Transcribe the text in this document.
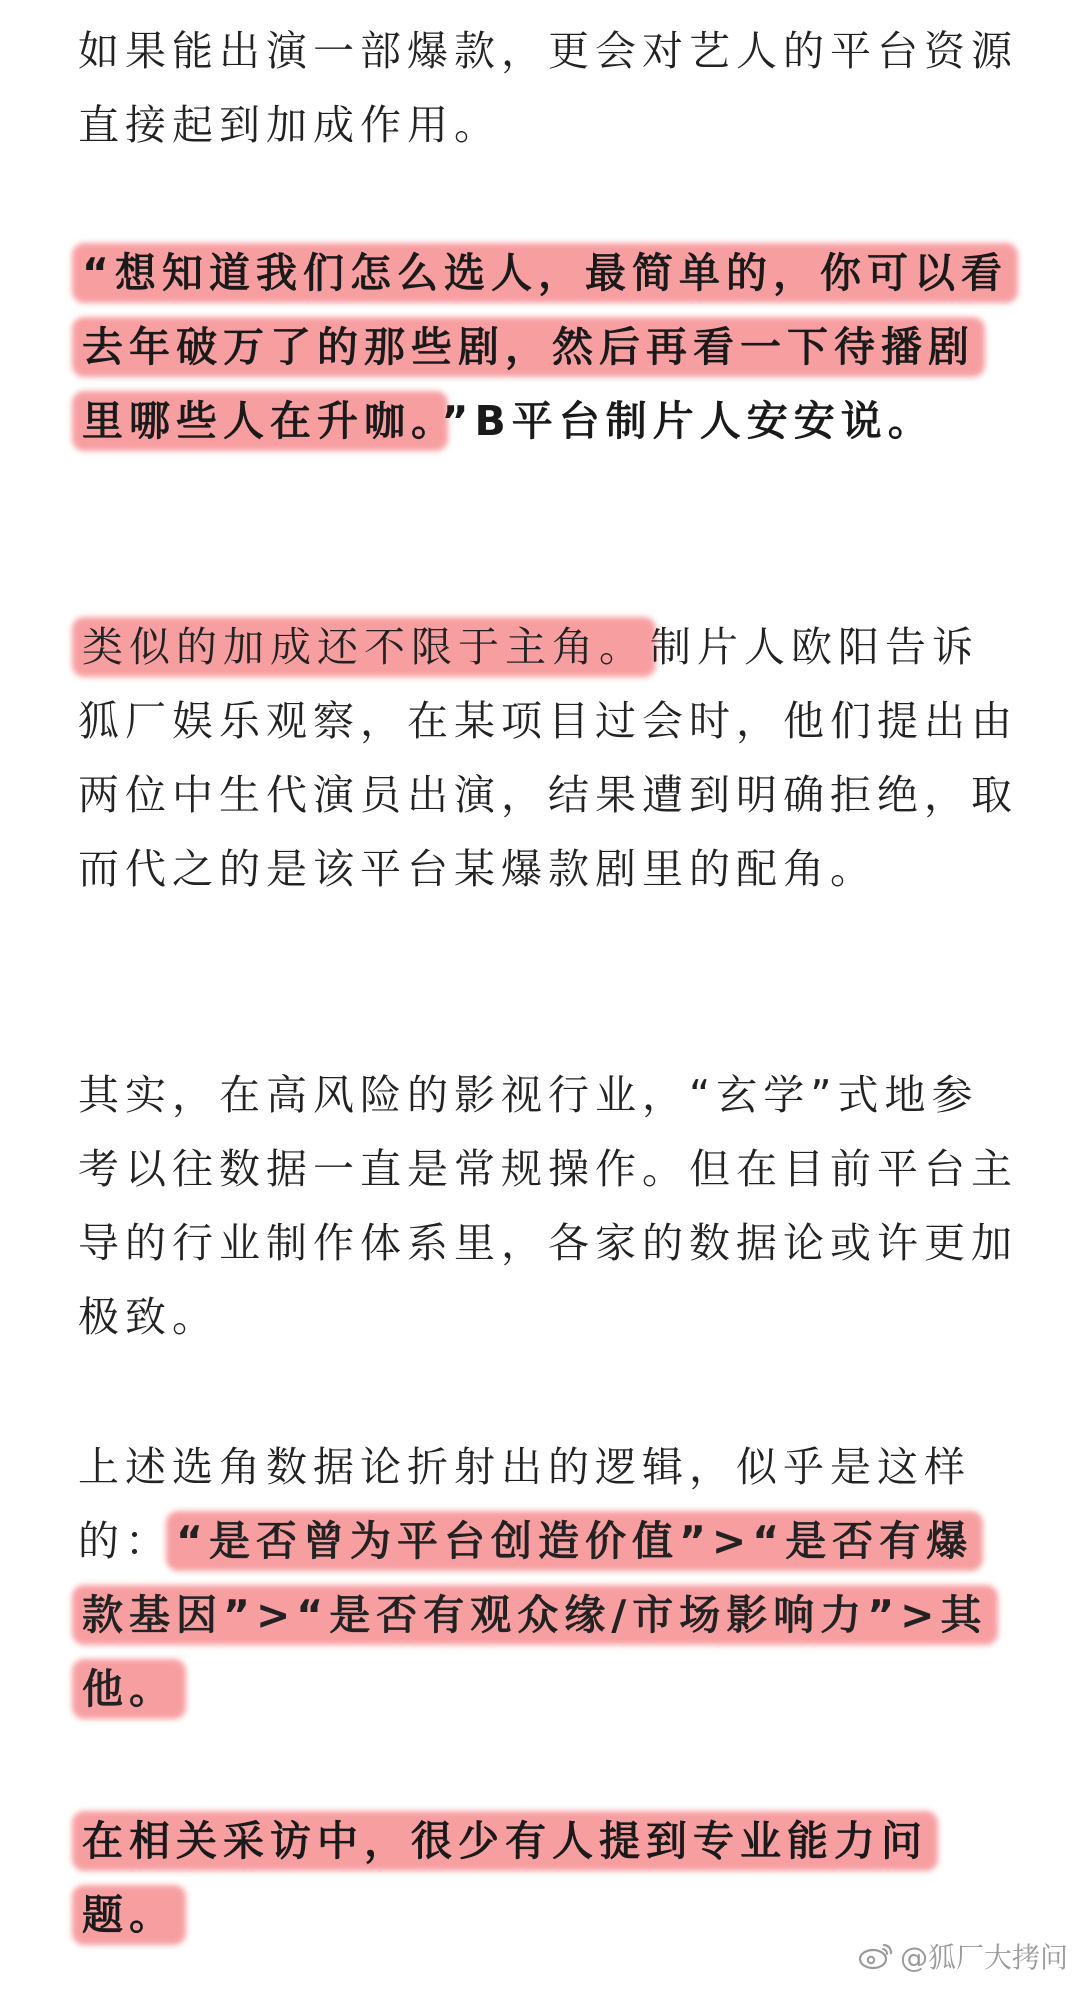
如果能出演一部爆款，更会对艺人的平台资源直接起到加成作用。

“想知道我们怎么选人，最简单的，你可以看去年破万了的那些剧，然后再看一下待播剧里哪些人在升咖。”B平台制片人安安说。

类似的加成还不限于主角。制片人欧阳告诉狐厂娱乐观察，在某项目过会时，他们提出由两位中生代演员出演，结果遭到明确拒绝，取而代之的是该平台某爆款剧里的配角。

其实，在高风险的影视行业，“玄学”式地参考以往数据一直是常规操作。但在目前平台主导的行业制作体系里，各家的数据论或许更加极致。

上述选角数据论折射出的逻辑，似乎是这样的：“是否曾为平台创造价值”>“是否有爆款基因”>“是否有观众缘/市场影响力”>其他。

在相关采访中，很少有人提到专业能力问题。

@狐厂大拷问
